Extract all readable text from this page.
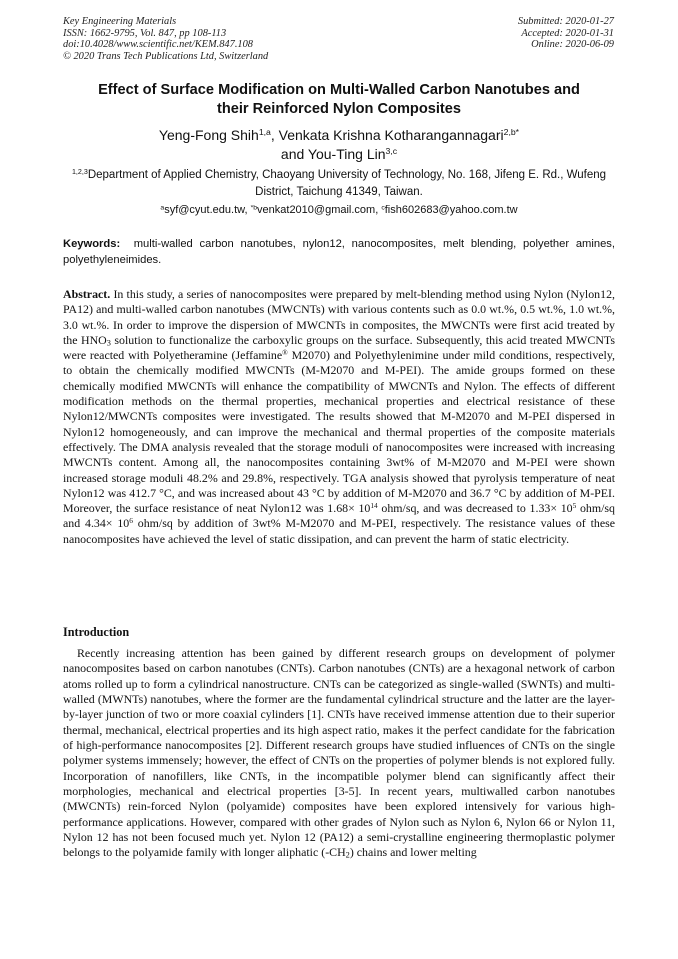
Key Engineering Materials
ISSN: 1662-9795, Vol. 847, pp 108-113
doi:10.4028/www.scientific.net/KEM.847.108
© 2020 Trans Tech Publications Ltd, Switzerland
Submitted: 2020-01-27
Accepted: 2020-01-31
Online: 2020-06-09
Effect of Surface Modification on Multi-Walled Carbon Nanotubes and
their Reinforced Nylon Composites
Yeng-Fong Shih$^{1,a}$, Venkata Krishna Kotharangannagari$^{2,b*}$
and You-Ting Lin$^{3,c}$
$^{1,2,3}$Department of Applied Chemistry, Chaoyang University of Technology, No. 168, Jifeng E. Rd., Wufeng District, Taichung 41349, Taiwan.
$^a$syf@cyut.edu.tw, $^{*b}$venkat2010@gmail.com, $^c$fish602683@yahoo.com.tw
Keywords: multi-walled carbon nanotubes, nylon12, nanocomposites, melt blending, polyether amines, polyethyleneimides.

Abstract. In this study, a series of nanocomposites were prepared by melt-blending method using Nylon (Nylon12, PA12) and multi-walled carbon nanotubes (MWCNTs) with various contents such as 0.0 wt.%, 0.5 wt.%, 1.0 wt.%, 3.0 wt.%. In order to improve the dispersion of MWCNTs in composites, the MWCNTs were first acid treated by the $HNO_3$ solution to functionalize the carboxylic groups on the surface. Subsequently, this acid treated MWCNTs were reacted with Polyetheramine (Jeffamine® M2070) and Polyethylenimine under mild conditions, respectively, to obtain the chemically modified MWCNTs (M-M2070 and M-PEI). The amide groups formed on these chemically modified MWCNTs will enhance the compatibility of MWCNTs and Nylon. The effects of different modification methods on the thermal properties, mechanical properties and electrical resistance of these Nylon12/MWCNTs composites were investigated. The results showed that M-M2070 and M-PEI dispersed in Nylon12 homogeneously, and can improve the mechanical and thermal properties of the composite materials effectively. The DMA analysis revealed that the storage moduli of nanocomposites were increased with increasing MWCNTs content. Among all, the nanocomposites containing 3wt% of M-M2070 and M-PEI were shown increased storage moduli 48.2% and 29.8%, respectively. TGA analysis showed that pyrolysis temperature of neat Nylon12 was 412.7 °C, and was increased about 43 °C by addition of M-M2070 and 36.7 °C by addition of M-PEI. Moreover, the surface resistance of neat Nylon12 was $1.68\times 10^{14}$ ohm/sq, and was decreased to $1.33\times 10^5$ ohm/sq and $4.34\times 10^6$ ohm/sq by addition of 3wt% M-M2070 and M-PEI, respectively. The resistance values of these nanocomposites have achieved the level of static dissipation, and can prevent the harm of static electricity.

Introduction

Recently increasing attention has been gained by different research groups on development of polymer nanocomposites based on carbon nanotubes (CNTs). Carbon nanotubes (CNTs) are a hexagonal network of carbon atoms rolled up to form a cylindrical nanostructure. CNTs can be categorized as single-walled (SWNTs) and multi-walled (MWNTs) nanotubes, where the former are the fundamental cylindrical structure and the latter are the layer-by-layer junction of two or more coaxial cylinders [1]. CNTs have received immense attention due to their superior thermal, mechanical, electrical properties and its high aspect ratio, makes it the perfect candidate for the fabrication of high-performance nanocomposites [2]. Different research groups have studied influences of CNTs on the single polymer systems immensely; however, the effect of CNTs on the properties of polymer blends is not explored fully. Incorporation of nanofillers, like CNTs, in the incompatible polymer blend can significantly affect their morphologies, mechanical and electrical properties [3-5]. In recent years, multiwalled carbon nanotubes (MWCNTs) rein-forced Nylon (polyamide) composites have been explored intensively for various high-performance applications. However, compared with other grades of Nylon such as Nylon 6, Nylon 66 or Nylon 11, Nylon 12 has not been focused much yet. Nylon 12 (PA12) a semi-crystalline engineering thermoplastic polymer belongs to the polyamide family with longer aliphatic $(-CH_2)$ chains and lower melting
